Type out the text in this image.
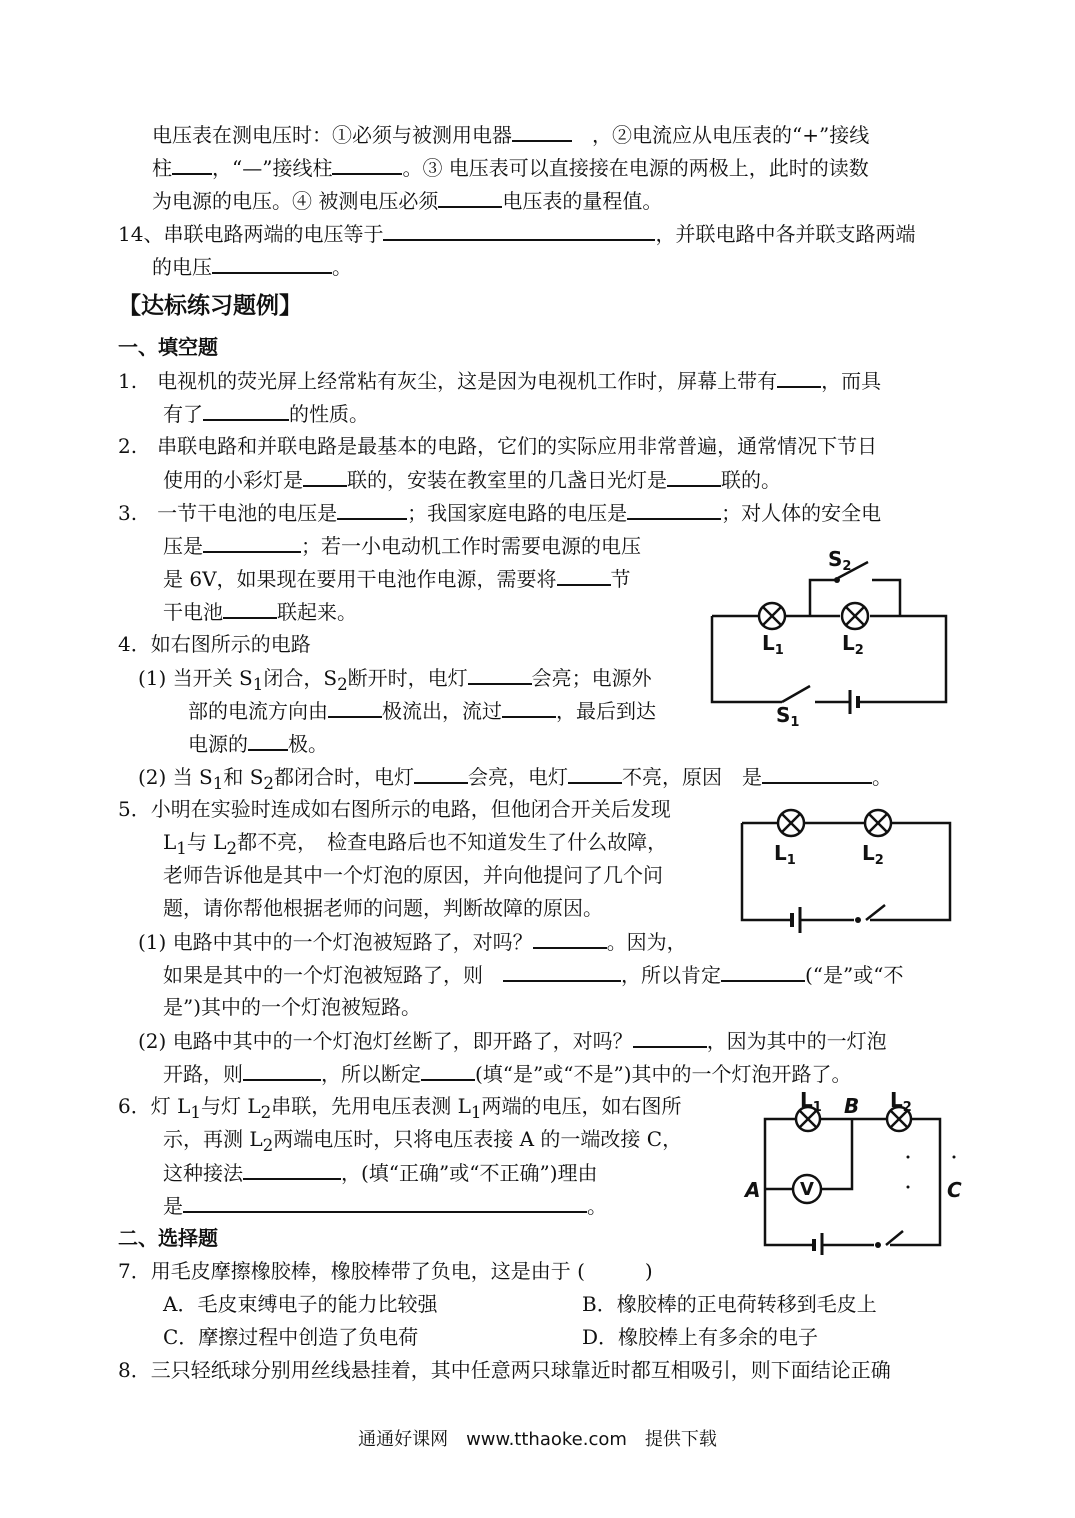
电压表在测电压时：①必须与被测用电器　	，②电流应从电压表的“+”接线
柱 ，“—”接线柱	。③ 电压表可以直接接在电源的两极上，此时的读数
为电源的电压。④ 被测电压必须	电压表的量程值。
14、串联电路两端的电压等于	，并联电路中各并联支路两端
的电压	。
【达标练习题例】
一、填空题
1.　电视机的荧光屏上经常粘有灰尘，这是因为电视机工作时，屏幕上带有 ，而具
有了	的性质。
2.　串联电路和并联电路是最基本的电路，它们的实际应用非常普遍，通常情况下节日
使用的小彩灯是 联的，安装在教室里的几盏日光灯是	联的。
3.　一节干电池的电压是	；我国家庭电路的电压是	；对人体的安全电
压是	；若一小电动机工作时需要电源的电压
是 6V，如果现在要用干电池作电源，需要将	节
干电池	联起来。
4．如右图所示的电路
(1) 当开关 $S_1$闭合，$S_2$断开时，电灯	会亮；电源外
部的电流方向由	极流出，流过	，最后到达
电源的 极。
(2) 当 $S_1$和 $S_2$都闭合时，电灯	会亮，电灯	不亮，原因　是	。
5．小明在实验时连成如右图所示的电路，但他闭合开关后发现
$L_1$与 $L_2$都不亮，　检查电路后也不知道发生了什么故障，
老师告诉他是其中一个灯泡的原因，并向他提问了几个问
题，请你帮他根据老师的问题，判断故障的原因。
(1) 电路中其中的一个灯泡被短路了，对吗？	。因为，
如果是其中的一个灯泡被短路了，则　	，所以肯定	(“是”或“不
是”)其中的一个灯泡被短路。
(2) 电路中其中的一个灯泡灯丝断了，即开路了，对吗？	，因为其中的一灯泡
开路，则	，所以断定	(填“是”或“不是”)其中的一个灯泡开路了。
6．灯 $L_1$与灯 $L_2$串联，先用电压表测 $L_1$两端的电压，如右图所
示，再测 $L_2$两端电压时，只将电压表接 A 的一端改接 C，
这种接法	，(填“正确”或“不正确”)理由
是	。
二、选择题
7．用毛皮摩擦橡胶棒，橡胶棒带了负电，这是由于 (　　　)
A．毛皮束缚电子的能力比较强	B．橡胶棒的正电荷转移到毛皮上
C．摩擦过程中创造了负电荷	D．橡胶棒上有多余的电子
8．三只轻纸球分别用丝线悬挂着，其中任意两只球靠近时都互相吸引，则下面结论正确
$S_2$
$L_1$	$L_2$
$S_1$
$L_1$	$L_2$
V
$L_1$	$L_2$
B
A	C
通通好课网　www.tthaoke.com　提供下载
